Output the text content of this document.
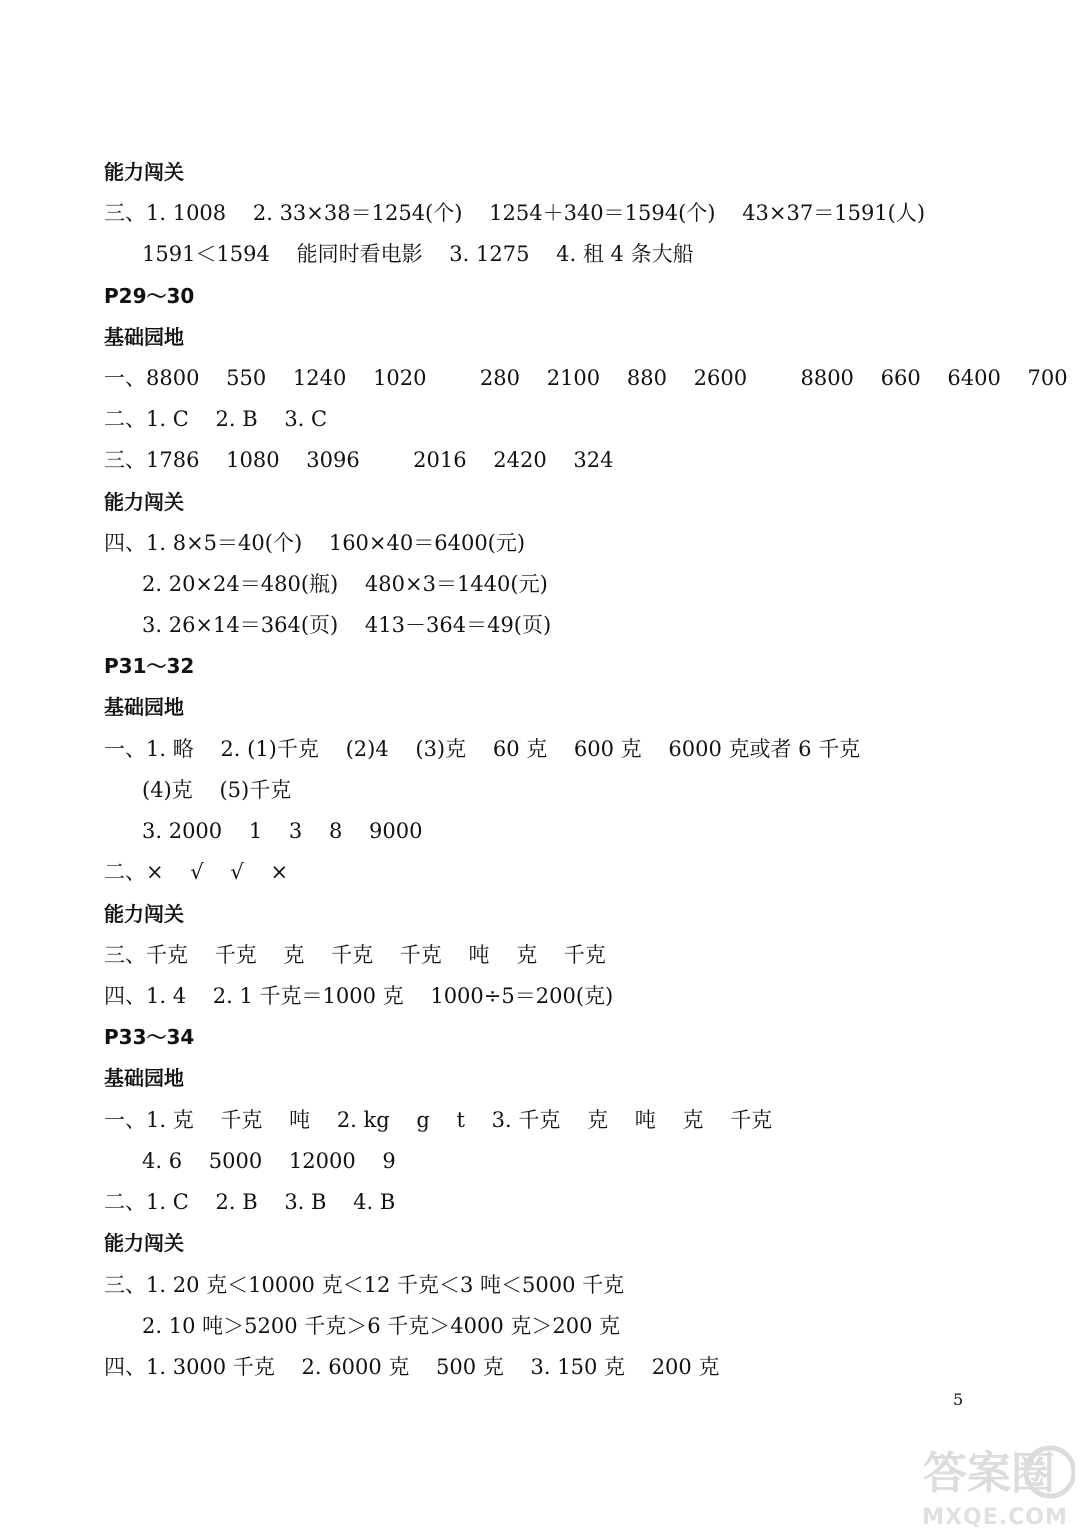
能力闯关
三、1. 1008    2. 33×38＝1254(个)    1254＋340＝1594(个)    43×37＝1591(人)
1591＜1594    能同时看电影    3. 1275    4. 租 4 条大船
P29～30
基础园地
一、8800    550    1240    1020        280    2100    880    2600        8800    660    6400    700
二、1. C    2. B    3. C
三、1786    1080    3096        2016    2420    324
能力闯关
四、1. 8×5＝40(个)    160×40＝6400(元)
2. 20×24＝480(瓶)    480×3＝1440(元)
3. 26×14＝364(页)    413－364＝49(页)
P31～32
基础园地
一、1. 略    2. (1)千克    (2)4    (3)克    60 克    600 克    6000 克或者 6 千克
(4)克    (5)千克
3. 2000    1    3    8    9000
二、×    √    √    ×
能力闯关
三、千克    千克    克    千克    千克    吨    克    千克
四、1. 4    2. 1 千克＝1000 克    1000÷5＝200(克)
P33～34
基础园地
一、1. 克    千克    吨    2. kg    g    t    3. 千克    克    吨    克    千克
4. 6    5000    12000    9
二、1. C    2. B    3. B    4. B
能力闯关
三、1. 20 克＜10000 克＜12 千克＜3 吨＜5000 千克
2. 10 吨＞5200 千克＞6 千克＞4000 克＞200 克
四、1. 3000 千克    2. 6000 克    500 克    3. 150 克    200 克
5
答案圈
MXQE.COM
